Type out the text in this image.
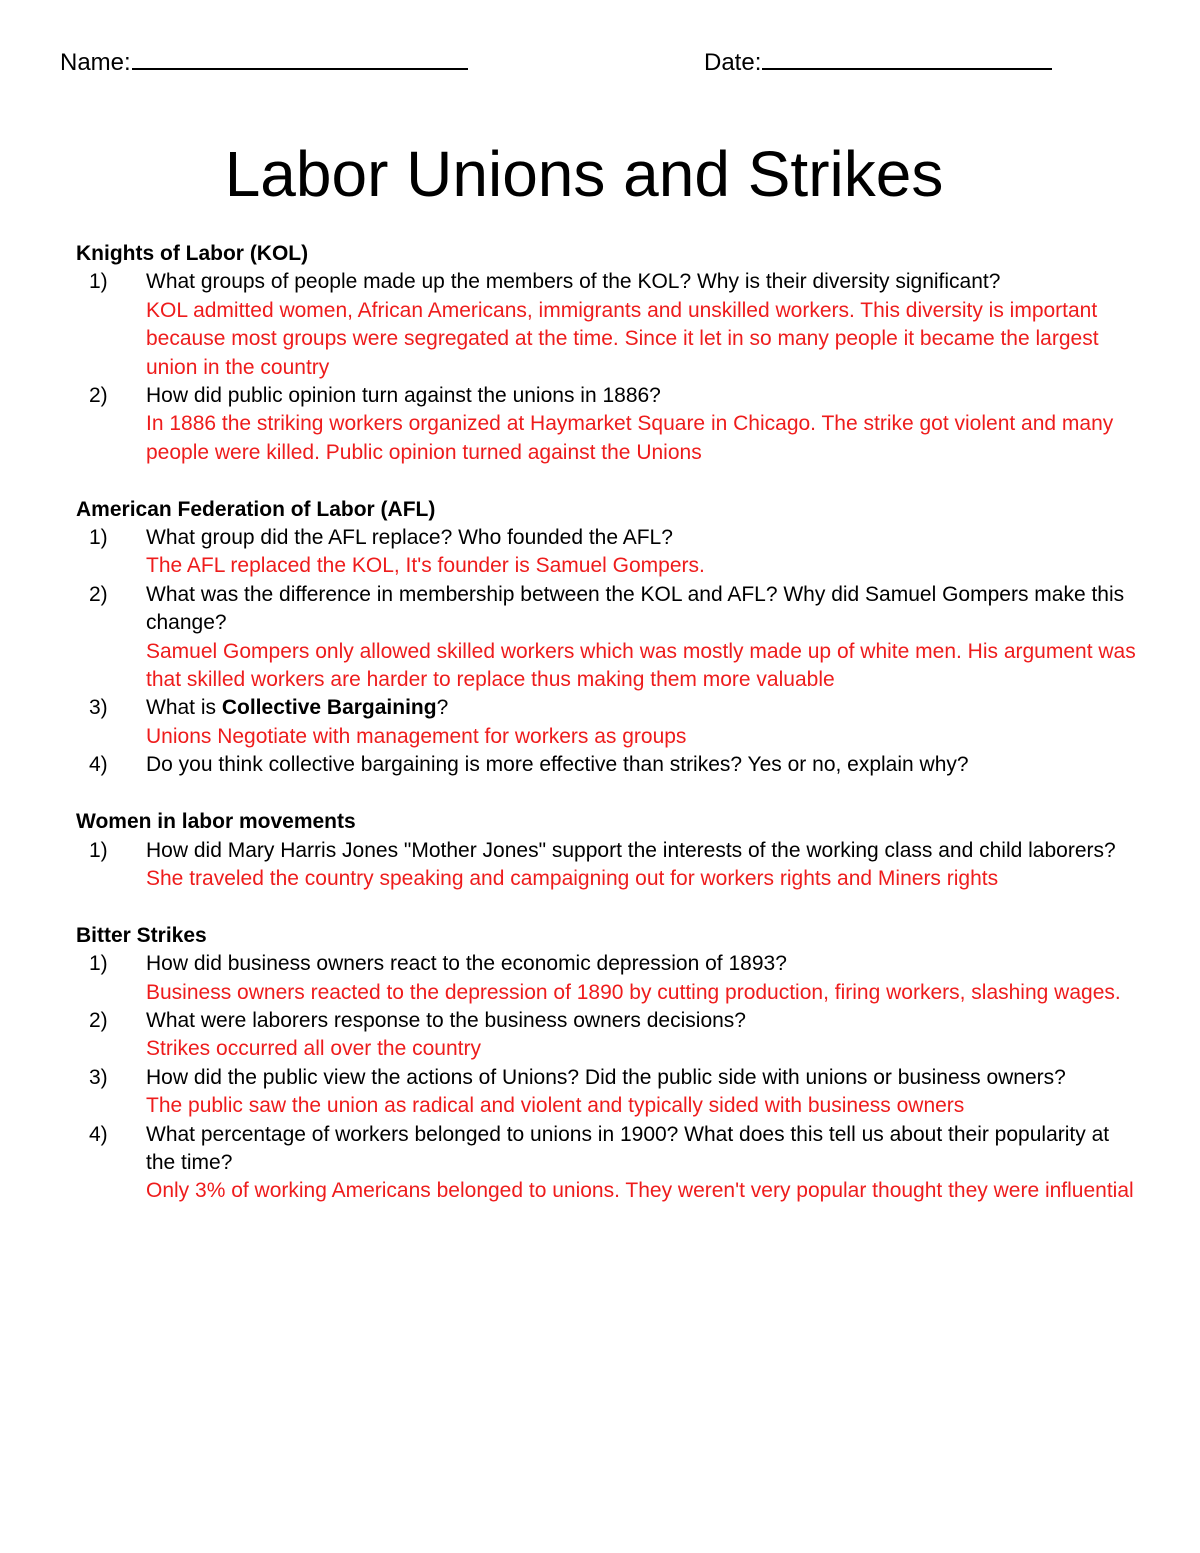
Name:	Date:
Labor Unions and Strikes

Knights of Labor (KOL)

1) What groups of people made up the members of the KOL? Why is their diversity significant?
KOL admitted women, African Americans, immigrants and unskilled workers. This diversity is important because most groups were segregated at the time. Since it let in so many people it became the largest union in the country
2) How did public opinion turn against the unions in 1886?
In 1886 the striking workers organized at Haymarket Square in Chicago. The strike got violent and many people were killed. Public opinion turned against the Unions

American Federation of Labor (AFL)

1) What group did the AFL replace? Who founded the AFL?
The AFL replaced the KOL, It's founder is Samuel Gompers.
2) What was the difference in membership between the KOL and AFL? Why did Samuel Gompers make this change?
Samuel Gompers only allowed skilled workers which was mostly made up of white men. His argument was that skilled workers are harder to replace thus making them more valuable
3) What is Collective Bargaining?
Unions Negotiate with management for workers as groups
4) Do you think collective bargaining is more effective than strikes? Yes or no, explain why?

Women in labor movements

1) How did Mary Harris Jones "Mother Jones" support the interests of the working class and child laborers?
She traveled the country speaking and campaigning out for workers rights and Miners rights

Bitter Strikes

1) How did business owners react to the economic depression of 1893?
Business owners reacted to the depression of 1890 by cutting production, firing workers, slashing wages.
2) What were laborers response to the business owners decisions?
Strikes occurred all over the country
3) How did the public view the actions of Unions? Did the public side with unions or business owners?
The public saw the union as radical and violent and typically sided with business owners
4) What percentage of workers belonged to unions in 1900? What does this tell us about their popularity at the time?
Only 3% of working Americans belonged to unions. They weren't very popular thought they were influential
